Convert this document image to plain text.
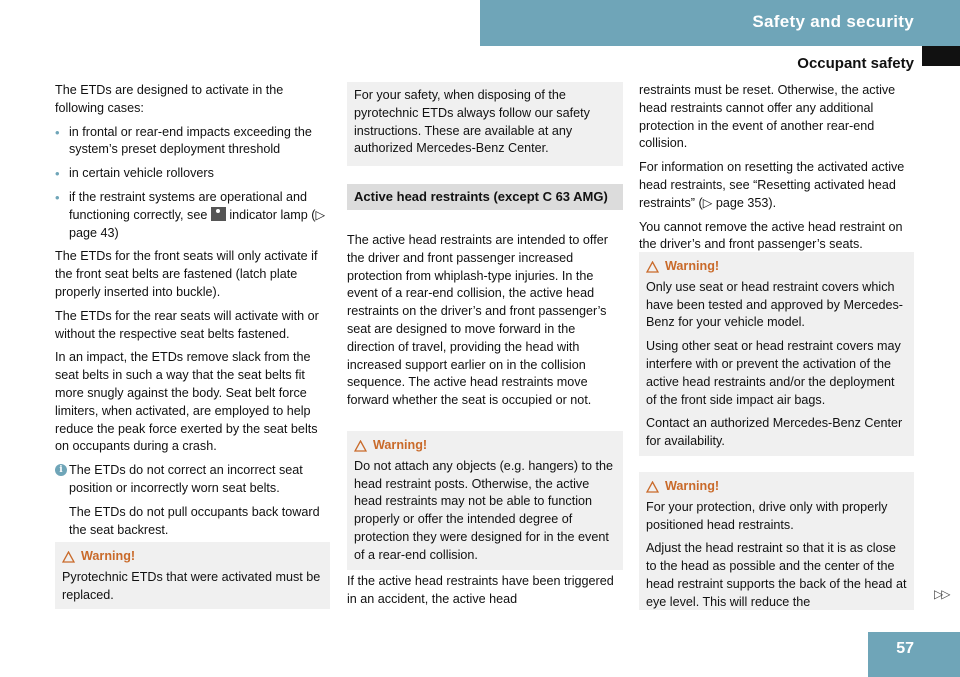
Safety and security
Occupant safety

The ETDs are designed to activate in the following cases:

• in frontal or rear-end impacts exceeding the system’s preset deployment threshold
• in certain vehicle rollovers
• if the restraint systems are operational and functioning correctly, see indicator lamp (▷ page 43)

The ETDs for the front seats will only activate if the front seat belts are fastened (latch plate properly inserted into buckle).

The ETDs for the rear seats will activate with or without the respective seat belts fastened.

In an impact, the ETDs remove slack from the seat belts in such a way that the seat belts fit more snugly against the body. Seat belt force limiters, when activated, are employed to help reduce the peak force exerted by the seat belts on occupants during a crash.

i The ETDs do not correct an incorrect seat position or incorrectly worn seat belts.

The ETDs do not pull occupants back toward the seat backrest.

Warning!

Pyrotechnic ETDs that were activated must be replaced.

For your safety, when disposing of the pyrotechnic ETDs always follow our safety instructions. These are available at any authorized Mercedes-Benz Center.

Active head restraints (except C 63 AMG)

The active head restraints are intended to offer the driver and front passenger increased protection from whiplash-type injuries. In the event of a rear-end collision, the active head restraints on the driver’s and front passenger’s seat are designed to move forward in the direction of travel, providing the head with increased support earlier on in the collision sequence. The active head restraints move forward whether the seat is occupied or not.

Warning!

Do not attach any objects (e.g. hangers) to the head restraint posts. Otherwise, the active head restraints may not be able to function properly or offer the intended degree of protection they were designed for in the event of a rear-end collision.

If the active head restraints have been triggered in an accident, the active head

restraints must be reset. Otherwise, the active head restraints cannot offer any additional protection in the event of another rear-end collision.

For information on resetting the activated active head restraints, see “Resetting activated head restraints” (▷ page 353).

You cannot remove the active head restraint on the driver’s and front passenger’s seats.

Warning!

Only use seat or head restraint covers which have been tested and approved by Mercedes-Benz for your vehicle model.

Using other seat or head restraint covers may interfere with or prevent the activation of the active head restraints and/or the deployment of the front side impact air bags.

Contact an authorized Mercedes-Benz Center for availability.

Warning!

For your protection, drive only with properly positioned head restraints.

Adjust the head restraint so that it is as close to the head as possible and the center of the head restraint supports the back of the head at eye level. This will reduce the

▷▷
57
